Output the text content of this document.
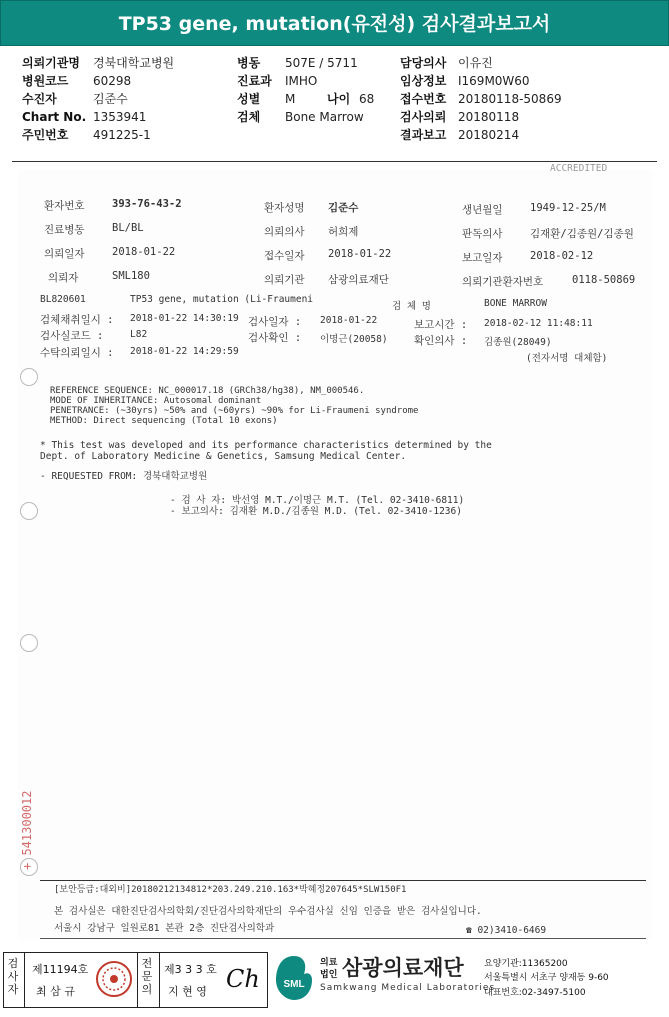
TP53 gene, mutation(유전성) 검사결과보고서
의뢰기관명 경북대학교병원
병원코드 60298
수진자	김준수
Chart No. 1353941
주민번호 491225-1
병동 507E / 5711
진료과 IMHO
성별 M	나이 68
검체 Bone Marrow
담당의사 이유진
임상정보 I169M0W60
접수번호 20180118-50869
검사의뢰 20180118
결과보고 20180214
ACCREDITED
환자번호	393-76-43-2	환자성명 김준수	생년월일	1949-12-25/M
진료병동	BL/BL	의뢰의사 허희제	판독의사	김재환/김종원/김종원
의뢰일자	2018-01-22	접수일자 2018-01-22	보고일자	2018-02-12
의뢰자	SML180	의뢰기관 삼광의료재단	의뢰기관환자번호	0118-50869
BL820601	TP53 gene, mutation (Li-Fraumeni
검 체 명	BONE MARROW
검체채취일시 : 2018-01-22 14:30:19 검사일자 : 2018-01-22	보고시간 : 2018-02-12 11:48:11
검사실코드 :	L82	검사확인 : 이명근(20058)	확인의사 : 김종원(28049)
수탁의뢰일시 : 2018-01-22 14:29:59
(전자서명 대체함)
REFERENCE SEQUENCE: NC_000017.18 (GRCh38/hg38), NM_000546.
MODE OF INHERITANCE: Autosomal dominant
PENETRANCE: (~30yrs) ~50% and (~60yrs) ~90% for Li-Fraumeni syndrome
METHOD: Direct sequencing (Total 10 exons)
* This test was developed and its performance characteristics determined by the
Dept. of Laboratory Medicine & Genetics, Samsung Medical Center.
- REQUESTED FROM: 경북대학교병원
- 검 사 자: 박선영 M.T./이명근 M.T. (Tel. 02-3410-6811)
- 보고의사: 김재환 M.D./김종원 M.D. (Tel. 02-3410-1236)
+ 541300012
[보안등급:대외비]20180212134812*203.249.210.163*박혜정207645*SLW150F1
본 검사실은 대한진단검사의학회/진단검사의학재단의 우수검사실 신임 인증을 받은 검사실입니다.
서울시 강남구 일원로81 본관 2층 진단검사의학과	☎ 02)3410-6469
검
사
자
제11194호
최 삼 규
전
문
의
제3 3 3 호
지 현 영 Ch SML
의료
법인 삼광의료재단
Samkwang Medical Laboratories
요양기관:11365200
서울특별시 서초구 양재동 9-60
대표번호:02-3497-5100
